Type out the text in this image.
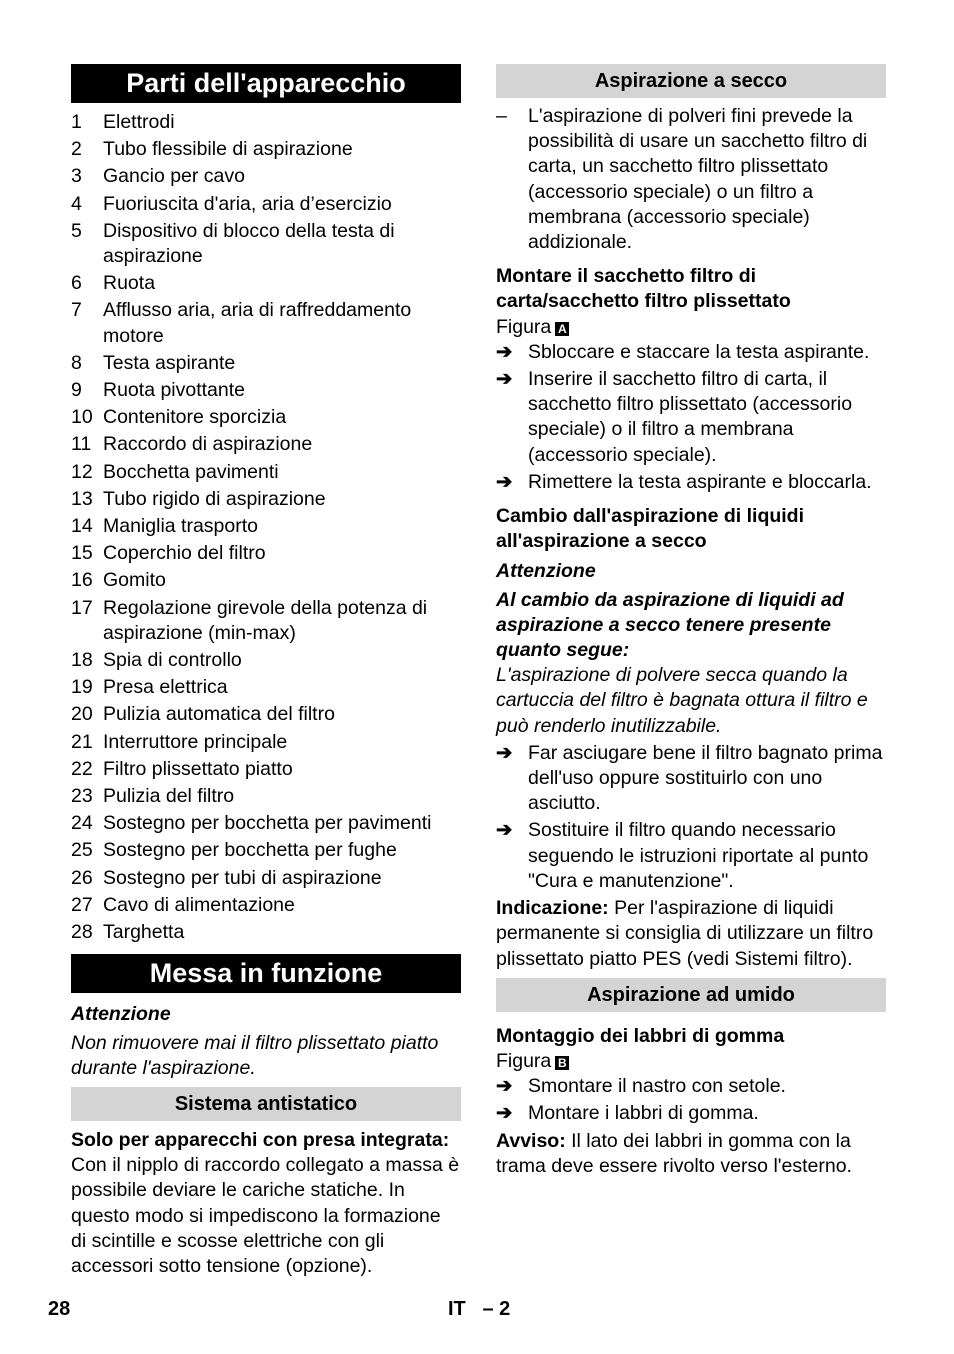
Parti dell'apparecchio
1	Elettrodi
2	Tubo flessibile di aspirazione
3	Gancio per cavo
4	Fuoriuscita d'aria, aria d’esercizio
5	Dispositivo di blocco della testa di aspirazione
6	Ruota
7	Afflusso aria, aria di raffreddamento motore
8	Testa aspirante
9	Ruota pivottante
10 Contenitore sporcizia
11 Raccordo di aspirazione
12 Bocchetta pavimenti
13 Tubo rigido di aspirazione
14 Maniglia trasporto
15 Coperchio del filtro
16 Gomito
17 Regolazione girevole della potenza di aspirazione (min-max)
18 Spia di controllo
19 Presa elettrica
20 Pulizia automatica del filtro
21 Interruttore principale
22 Filtro plissettato piatto
23 Pulizia del filtro
24 Sostegno per bocchetta per pavimenti
25 Sostegno per bocchetta per fughe
26 Sostegno per tubi di aspirazione
27 Cavo di alimentazione
28 Targhetta
Messa in funzione

Attenzione

Non rimuovere mai il filtro plissettato piatto durante l'aspirazione.

Sistema antistatico

Solo per apparecchi con presa integrata:

Con il nipplo di raccordo collegato a massa è possibile deviare le cariche statiche. In questo modo si impediscono la formazione di scintille e scosse elettriche con gli accessori sotto tensione (opzione).

Aspirazione a secco
–	L'aspirazione di polveri fini prevede la possibilità di usare un sacchetto filtro di carta, un sacchetto filtro plissettato (accessorio speciale) o un filtro a membrana (accessorio speciale) addizionale.

Montare il sacchetto filtro di carta/sacchetto filtro plissettato

Figura A

➔ Sbloccare e staccare la testa aspirante.
➔ Inserire il sacchetto filtro di carta, il sacchetto filtro plissettato (accessorio speciale) o il filtro a membrana (accessorio speciale).
➔ Rimettere la testa aspirante e bloccarla.

Cambio dall'aspirazione di liquidi all'aspirazione a secco

Attenzione

Al cambio da aspirazione di liquidi ad aspirazione a secco tenere presente quanto segue:

L'aspirazione di polvere secca quando la cartuccia del filtro è bagnata ottura il filtro e può renderlo inutilizzabile.

➔ Far asciugare bene il filtro bagnato prima dell'uso oppure sostituirlo con uno asciutto.
➔ Sostituire il filtro quando necessario seguendo le istruzioni riportate al punto "Cura e manutenzione".

Indicazione: Per l'aspirazione di liquidi permanente si consiglia di utilizzare un filtro plissettato piatto PES (vedi Sistemi filtro).

Aspirazione ad umido

Montaggio dei labbri di gomma

Figura B

➔ Smontare il nastro con setole.
➔ Montare i labbri di gomma.

Avviso: Il lato dei labbri in gomma con la trama deve essere rivolto verso l'esterno.

28	IT   – 2
